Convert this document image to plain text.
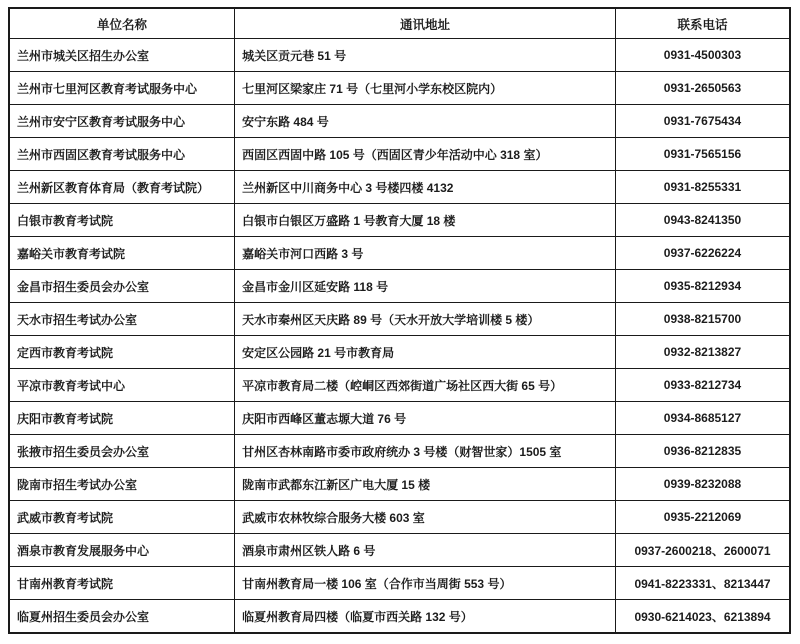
单位名称	通讯地址	联系电话
兰州市城关区招生办公室	城关区贡元巷 51 号	0931-4500303
兰州市七里河区教育考试服务中心	七里河区梁家庄 71 号（七里河小学东校区院内）	0931-2650563
兰州市安宁区教育考试服务中心	安宁东路 484 号	0931-7675434
兰州市西固区教育考试服务中心	西固区西固中路 105 号（西固区青少年活动中心 318 室）	0931-7565156
兰州新区教育体育局（教育考试院）	兰州新区中川商务中心 3 号楼四楼 4132	0931-8255331
白银市教育考试院	白银市白银区万盛路 1 号教育大厦 18 楼	0943-8241350
嘉峪关市教育考试院	嘉峪关市河口西路 3 号	0937-6226224
金昌市招生委员会办公室	金昌市金川区延安路 118 号	0935-8212934
天水市招生考试办公室	天水市秦州区天庆路 89 号（天水开放大学培训楼 5 楼）	0938-8215700
定西市教育考试院	安定区公园路 21 号市教育局	0932-8213827
平凉市教育考试中心	平凉市教育局二楼（崆峒区西郊街道广场社区西大街 65 号）	0933-8212734
庆阳市教育考试院	庆阳市西峰区董志塬大道 76 号	0934-8685127
张掖市招生委员会办公室	甘州区杏林南路市委市政府统办 3 号楼（财智世家）1505 室	0936-8212835
陇南市招生考试办公室	陇南市武都东江新区广电大厦 15 楼	0939-8232088
武威市教育考试院	武威市农林牧综合服务大楼 603 室	0935-2212069
酒泉市教育发展服务中心	酒泉市肃州区铁人路 6 号	0937-2600218、2600071
甘南州教育考试院	甘南州教育局一楼 106 室（合作市当周街 553 号）	0941-8223331、8213447
临夏州招生委员会办公室	临夏州教育局四楼（临夏市西关路 132 号）	0930-6214023、6213894
